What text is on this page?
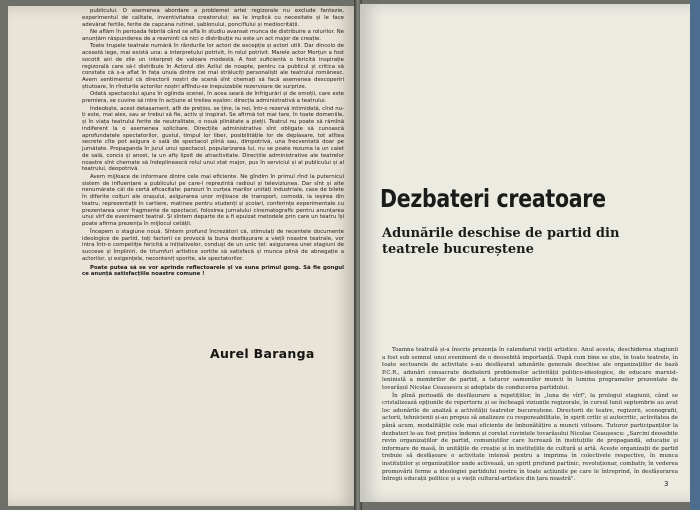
publicului. O asemenea abordare a problemei artei regizorale nu exclude fantezie, experimentul de calitate, inventivitatea creatorului; ea le implică cu necesitate și le face adevărat fertile, ferite de capcana rutinei, șablonului, ponciflului și mediocrității.

Ne aflăm în perioada febrilă când se află în studiu avansat munca de distribuire a rolurilor. Ne anunțăm răspunderea de a reaminti că nici o distribuție nu este un act major de creație.

Toate trupele teatrale numără în rândurile lor actori de excepție și actori utili. Dar dincolo de această lege, mai există una: a interpretului potrivit, în rolul potrivit. Marele actor Morțun a fost socotit ani de zile un interpret de valoare modestă. A fost suficientă o fericită inspirație regizorală care să-l distribuie în Actorul din Azilul de noapte, pentru ca publicul și critica să constate că s-a aflat în fața unuia dintre cei mai străluciți personaliști ale teatrului românesc. Avem sentimentul că directorii noștri de scenă sînt chemați să facă asemenea descoperiri știutoare, în rîndurile actorilor noștri aflîndu-se inepuizabile rezervoare de surprize.

Odată spectacolul ajuns în oglinda scenei, în acea seară de înfrigurări și de emoții, care este premiera, se cuvine să intre în acțiune al treilea eșalon: direcția administrativă a teatrului.

Indeobște, acest detașament, atît de prețios, se ține, la noi, într-o rezervă intimidată, cînd nu-ți este, mai ales, sau ar trebui să fie, activ și inspirat. Se afirmă tot mai tare, în toate domeniile, și în viața teatrului ferite de neutralitate, o nouă plinătate a pieții. Teatrul nu poate să rămînă indiferent la o asemenea solicitare. Direcțiile administrative sînt obligate să cunoască aprofundatele spectatorilor, gustul, timpul lor liber, posibilitățile lor de deplasare, tot atîtea secrete cîte pot asigura o sală de spectacol plină sau, dimpotrivă, una frecventată doar pe jumătate. Propaganda în jurul unui spectacol, popularizarea lui, nu se poate rezuma la un caiet de sală, concis și anost, la un afiș lipsit de atractivitate. Direcțiile administrative ale teatrelor noastre sînt chemate să îndeplinească rolul unui stat major, pus în serviciul și al publicului și al teatrului, deopotrivă.

Avem mijloace de informare dintre cele mai eficiente. Ne gîndim în primul rînd la puternicul sistem de influențare a publicului pe care-l reprezintă radioul și televiziunea. Dar sînt și alte nenumărate căi de certă eficacitate: panouri în curțea marilor unități industriale, case de bilete în diferite colțuri ale orașului, asigurarea unor mijloace de transport, comodă, la ieșirea din teatru, reprezentații în cartiere, matinee pentru studenți și școlari, conferințe experimentale cu prezentarea unor fragmente de spectacol, folosirea jurnalului cinematografic pentru anunțarea unui vîrf de eveniment teatral. Și sîntem departe de a fi epuizat metodele prin care un teatru își poate afirma prezența în mijlocul cetății.

Începem o stagiune nouă. Sîntem profund încrezători că, stimulați de recentele documente ideologice de partid, toți factorii ce provocă la buna desfășurare a vieții noastre teatrale, vor intra într-o competiție fericită a inițiativelor, conduși de un unic țel: asigurarea unei stagiuni de succese și împliniri, de triumfuri artistice sortite să satisfacă și munca plină de abnegație a actorilor, și exigențele, neconteniț sporite, ale spectatorilor.

Poate putea să se vor aprinde reflectoarele și va suna primul gong. Să fie gongul ce anunță satisfacțiile noastre comune !

Aurel Baranga
Dezbateri creatoare
Adunările deschise de partid din teatrele bucureștene

Toamna teatrală și-a înscris prezența în calendarul vieții artistice. Anul acesta, deschiderea stagiunii a fost sub semnul unui eveniment de o deosebită importanță. După cum bine se știe, în toate teatrele, în toate sectoarele de activitate s-au desfășurat adunările generale deschise ale organizațiilor de bază P.C.R., adunări consacrate dezbaterii problemelor activității politico-ideologice, de educare marxist-leninistă a membrilor de partid, a tuturor oamenilor muncii în lumina programelor prezentate de tovarășul Nicolae Ceaușescu și adoptate de conducerea partidului.

În plină perioadă de desfășurare a repetițiilor, în „luna de vîrf", la prologul stagiunii, când se cristalizează opțiunile de repertoriu și se încheagă viziunile regizorale, în cursul lunii septembrie au avut loc adunările de analiză a activității teatrelor bucureștene. Directorii de teatre, regizorii, scenografii, actorii, tehnicienii și-au propus să analizeze cu responsabilitate, în spirit critic și autocritic, activitatea de până acum, modalitățile cele mai eficiente de îmbunătățire a muncii viitoare. Tuturor participanților la dezbateri le-au fost prețios îndemn și corelat cuvintele tovarășului Nicolae Ceaușescu: „Sarcini deosebite revin organizațiilor de partid, comuniștilor care lucrează în instituțiile de propagandă, educație și informare de masă, în unitățile de creație și în instituțiile de cultură și artă. Aceste organizații de partid trebuie să desfășoare o activitate intensă pentru a imprima în colectivele respective, în munca instituțiilor și organizațiilor unde activează, un spirit profund partinic, revoluționar, combativ, în vederea promovării ferme a ideologiei partidului nostru în toate acțiunile pe care le întreprind, în desfășurarea întregii educații politice și a vieții cultural-artistice din țara noastră".

3
